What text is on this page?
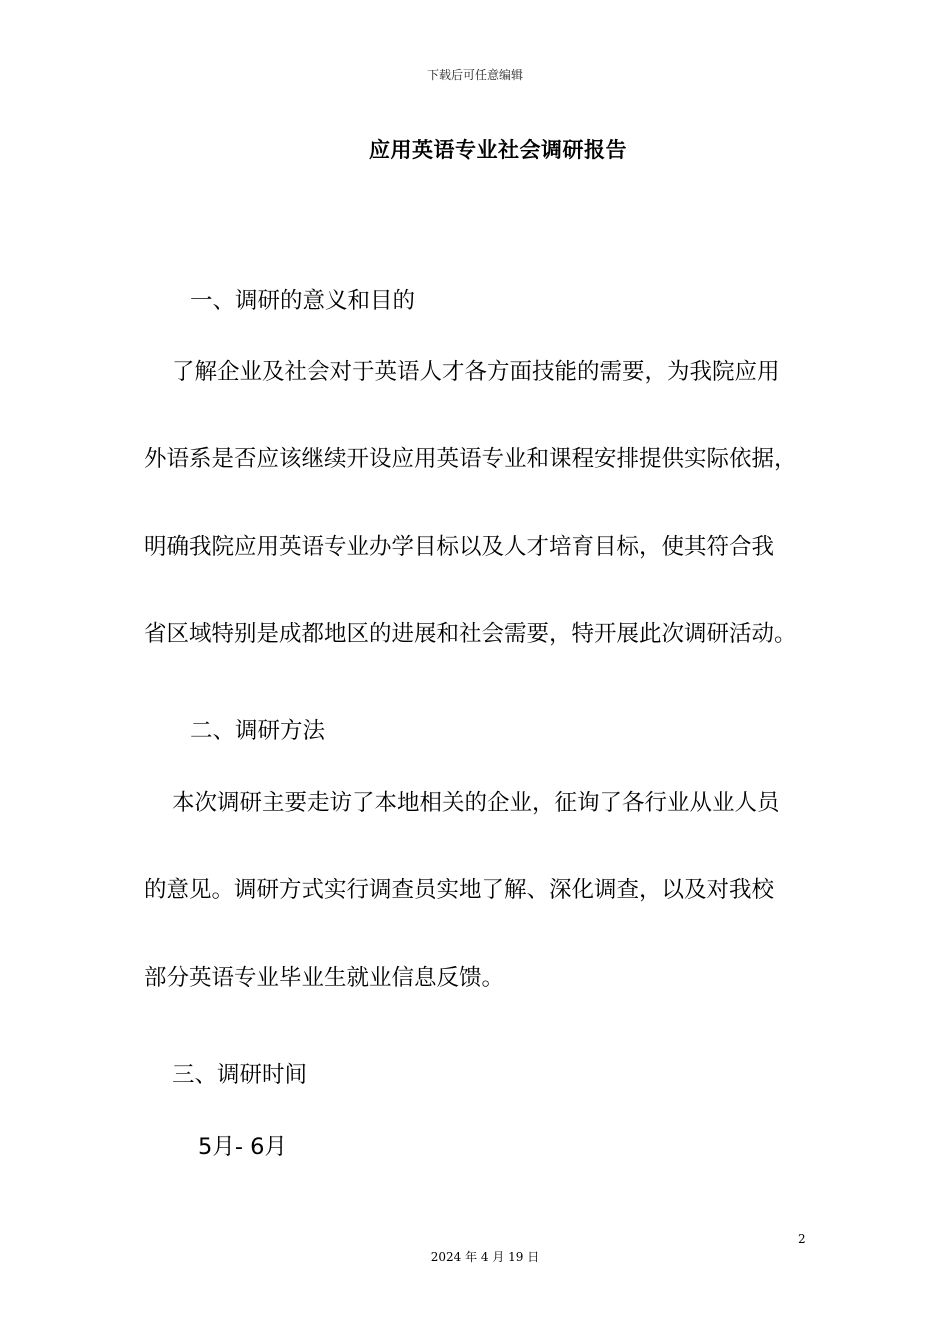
下载后可任意编辑
应用英语专业社会调研报告
一、调研的意义和目的
了解企业及社会对于英语人才各方面技能的需要，为我院应用
外语系是否应该继续开设应用英语专业和课程安排提供实际依据，
明确我院应用英语专业办学目标以及人才培育目标，使其符合我
省区域特别是成都地区的进展和社会需要，特开展此次调研活动。
二、调研方法
本次调研主要走访了本地相关的企业，征询了各行业从业人员
的意见。调研方式实行调查员实地了解、深化调查，以及对我校
部分英语专业毕业生就业信息反馈。
三、调研时间
5月- 6月
2
2024 年 4 月 19 日
